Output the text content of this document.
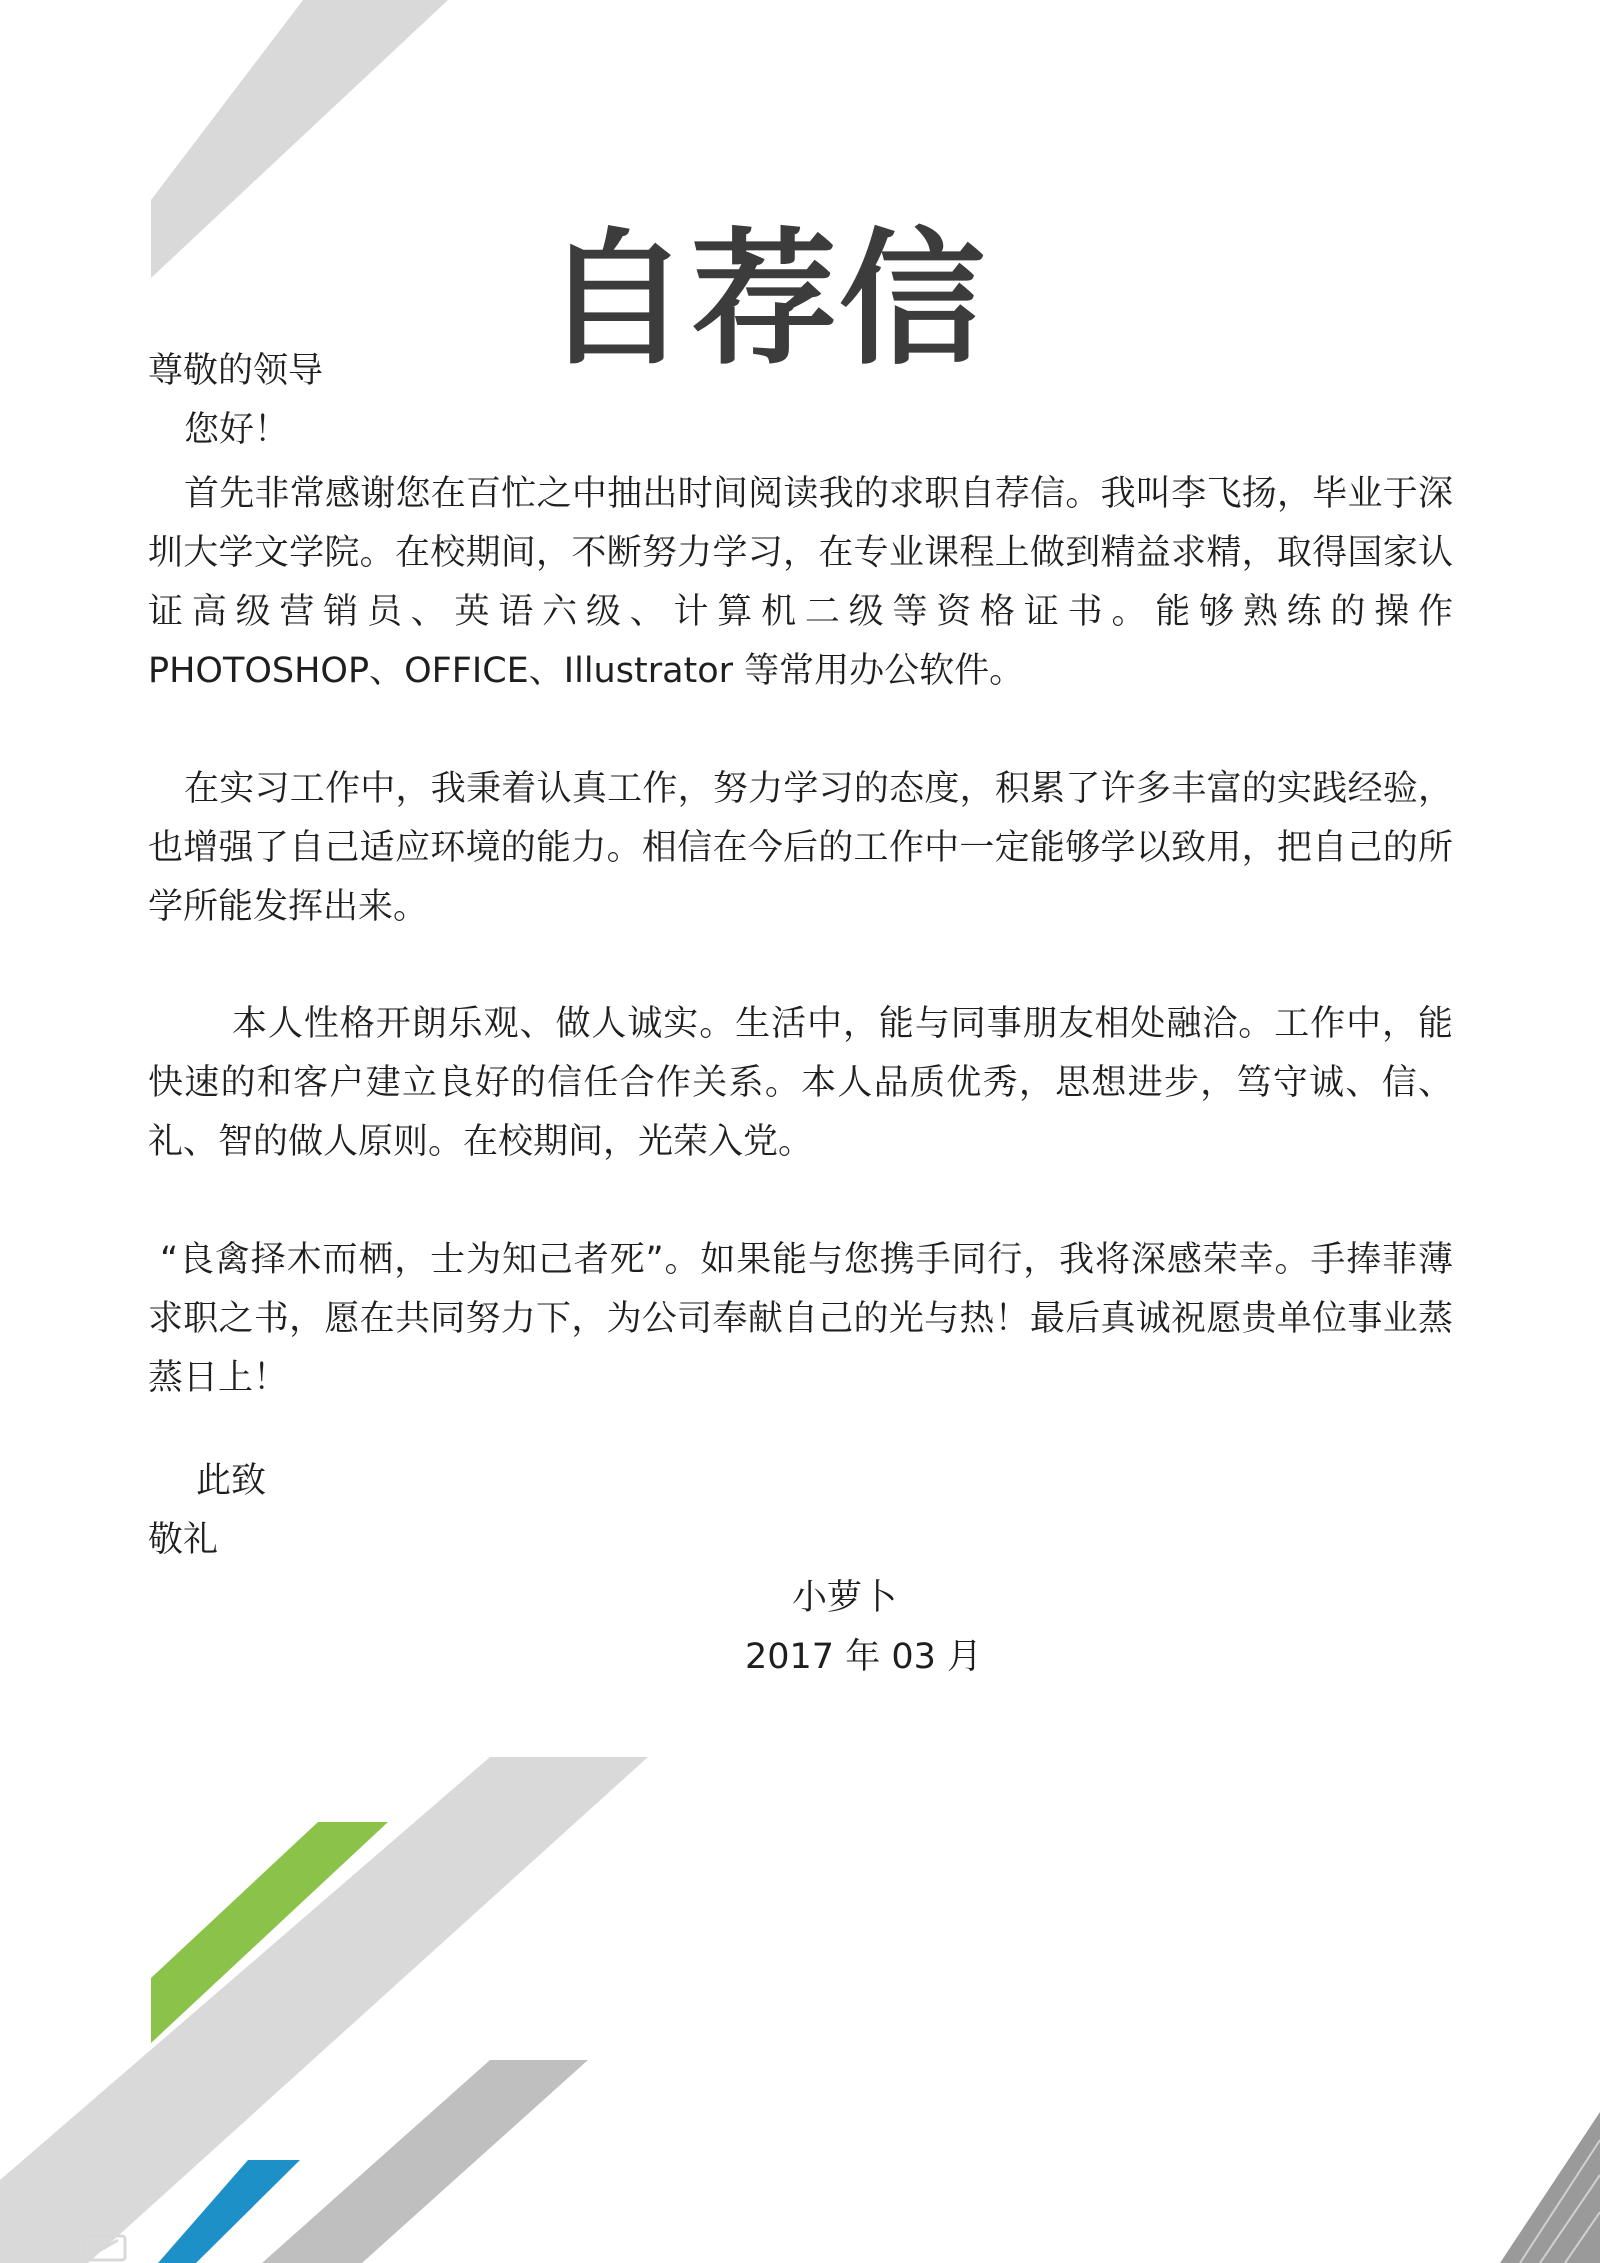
自荐信
尊敬的领导
您好！
首先非常感谢您在百忙之中抽出时间阅读我的求职自荐信。我叫李飞扬，毕业于深圳大学文学院。在校期间，不断努力学习，在专业课程上做到精益求精，取得国家认证高级营销员、英语六级、计算机二级等资格证书。能够熟练的操作PHOTOSHOP、OFFICE、Illustrator 等常用办公软件。
在实习工作中，我秉着认真工作，努力学习的态度，积累了许多丰富的实践经验，也增强了自己适应环境的能力。相信在今后的工作中一定能够学以致用，把自己的所学所能发挥出来。
本人性格开朗乐观、做人诚实。生活中，能与同事朋友相处融洽。工作中，能快速的和客户建立良好的信任合作关系。本人品质优秀，思想进步，笃守诚、信、礼、智的做人原则。在校期间，光荣入党。
“良禽择木而栖，士为知己者死”。如果能与您携手同行，我将深感荣幸。手捧菲薄求职之书，愿在共同努力下，为公司奉献自己的光与热！最后真诚祝愿贵单位事业蒸蒸日上！
此致
敬礼
小萝卜
2017 年 03 月
